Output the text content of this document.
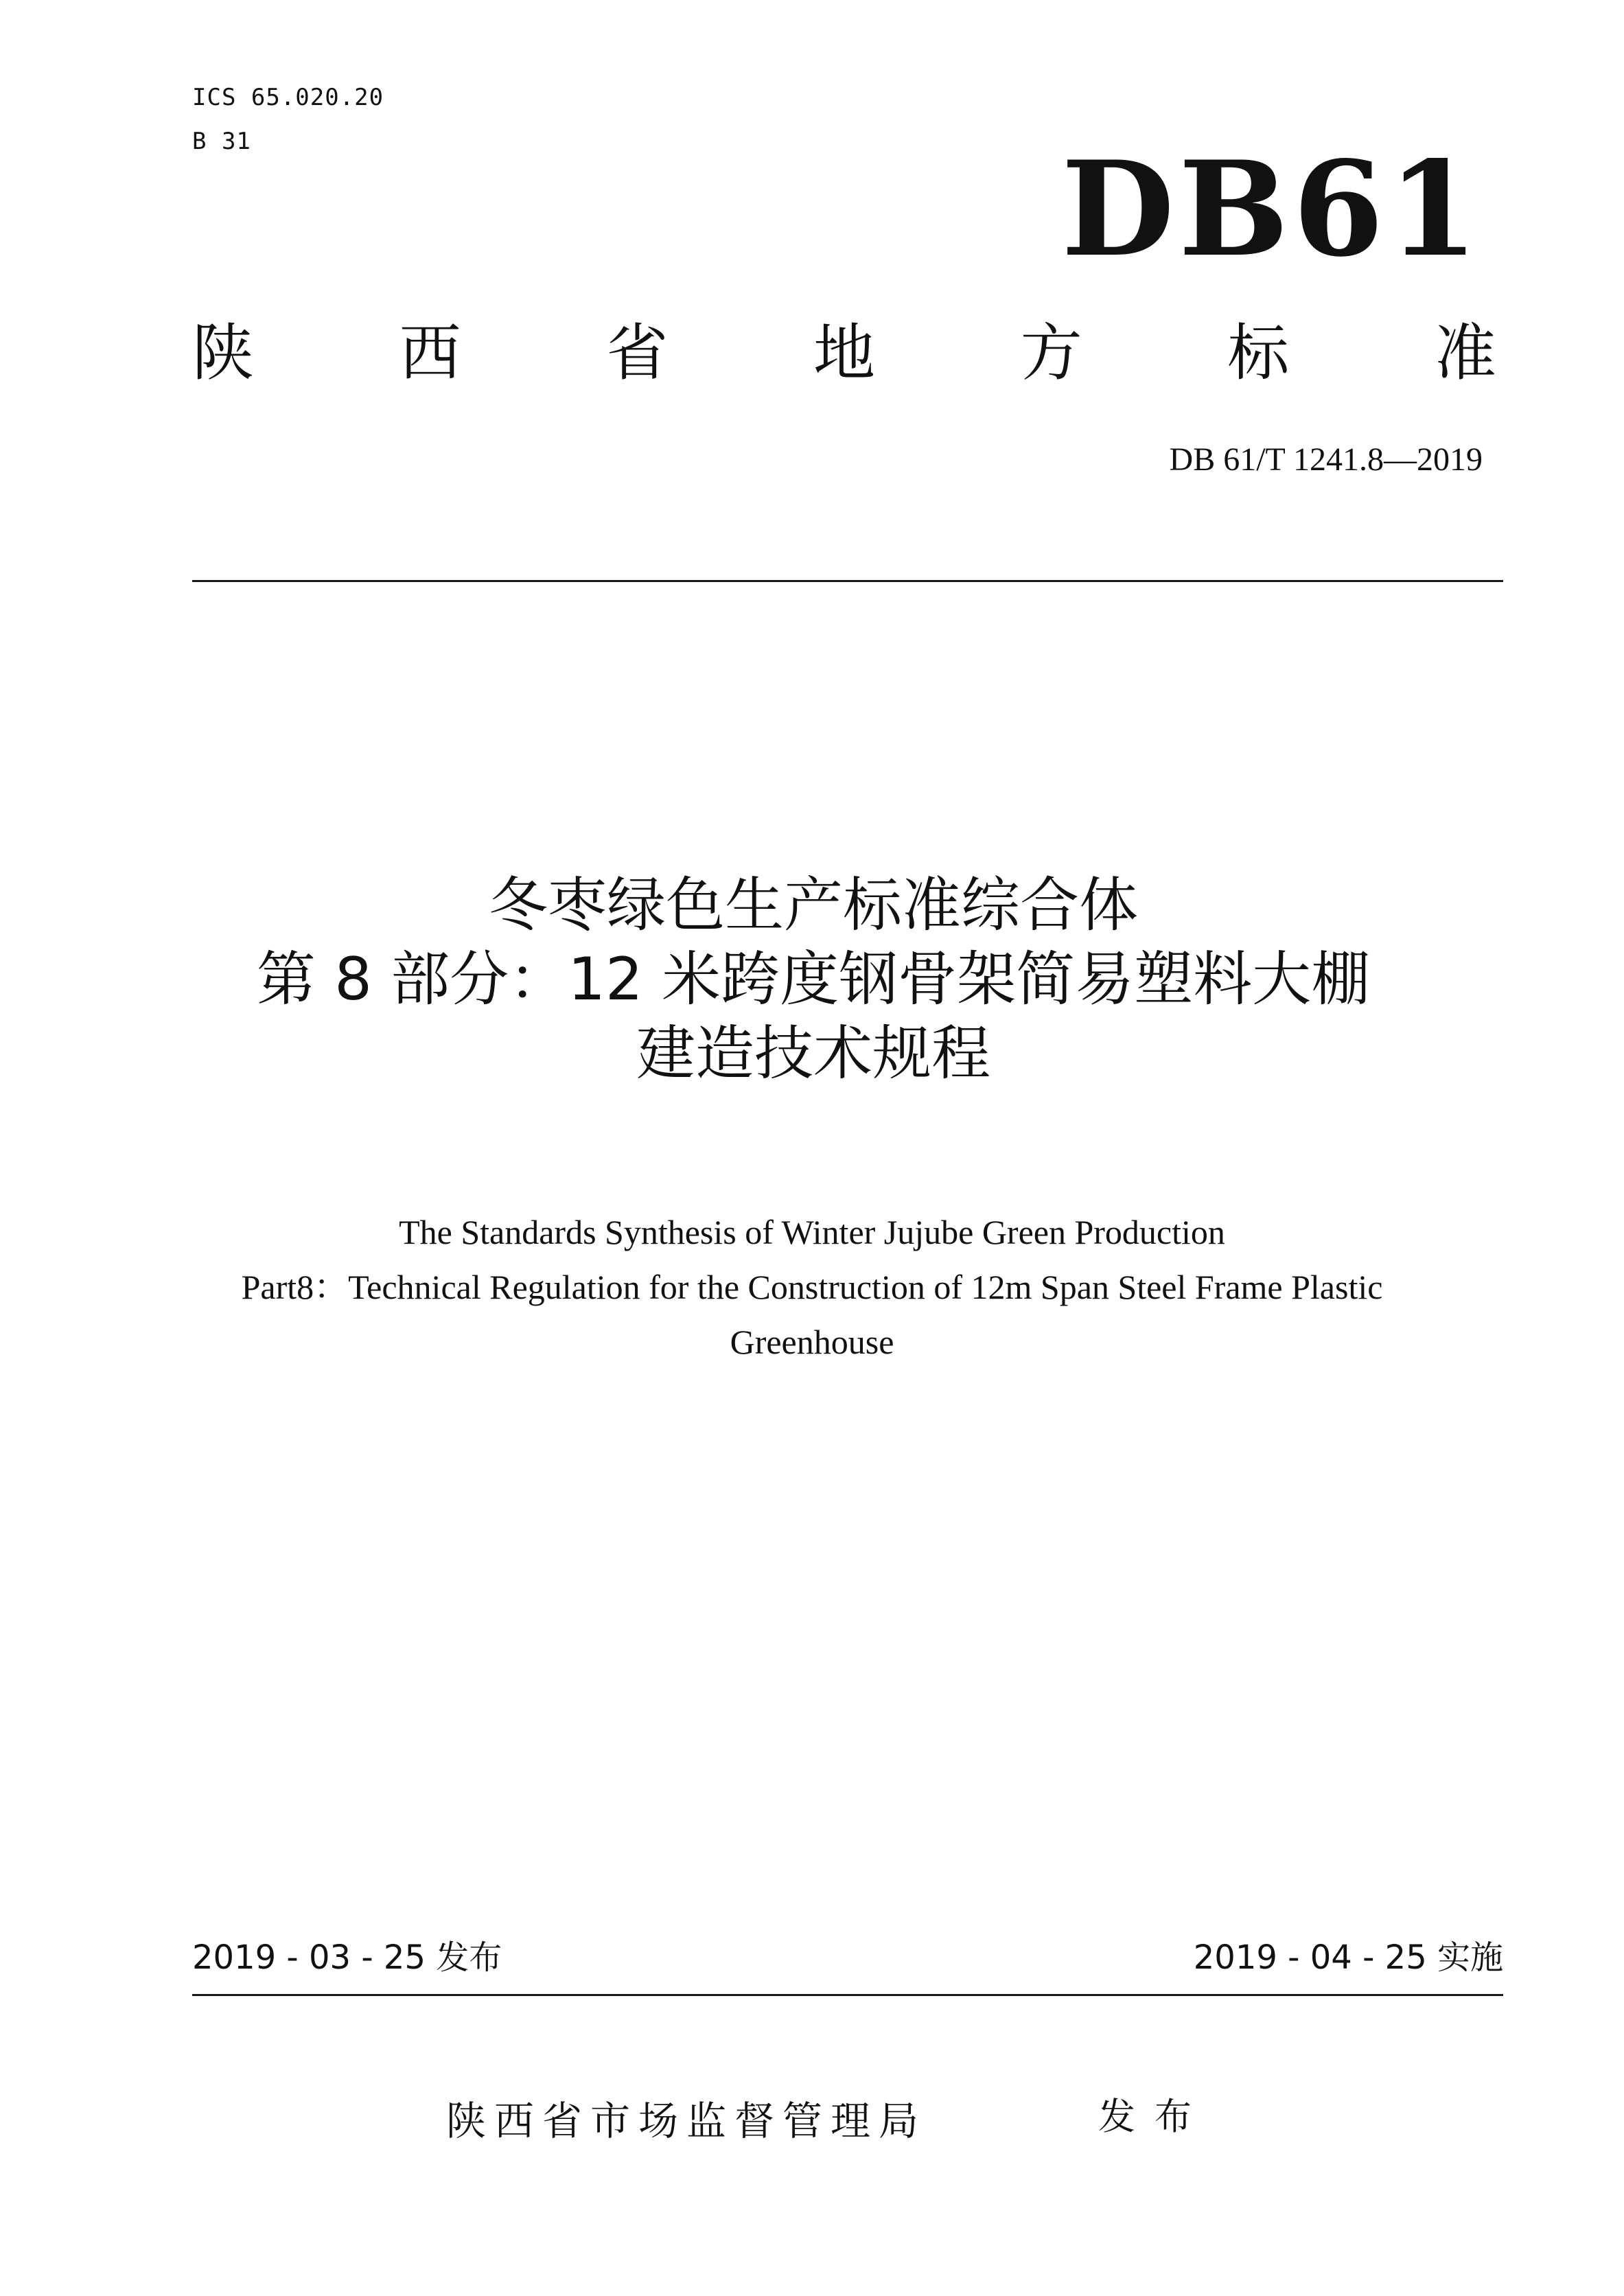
ICS 65.020.20
B 31	DB61
陕 西 省 地 方 标 准
DB 61/T 1241.8—2019
冬枣绿色生产标准综合体
第 8 部分：12 米跨度钢骨架简易塑料大棚
建造技术规程
The Standards Synthesis of Winter Jujube Green Production
Part8：Technical Regulation for the Construction of 12m Span Steel Frame Plastic
Greenhouse
2019 - 03 - 25 发布	2019 - 04 - 25 实施
陕西省市场监督管理局	发布
